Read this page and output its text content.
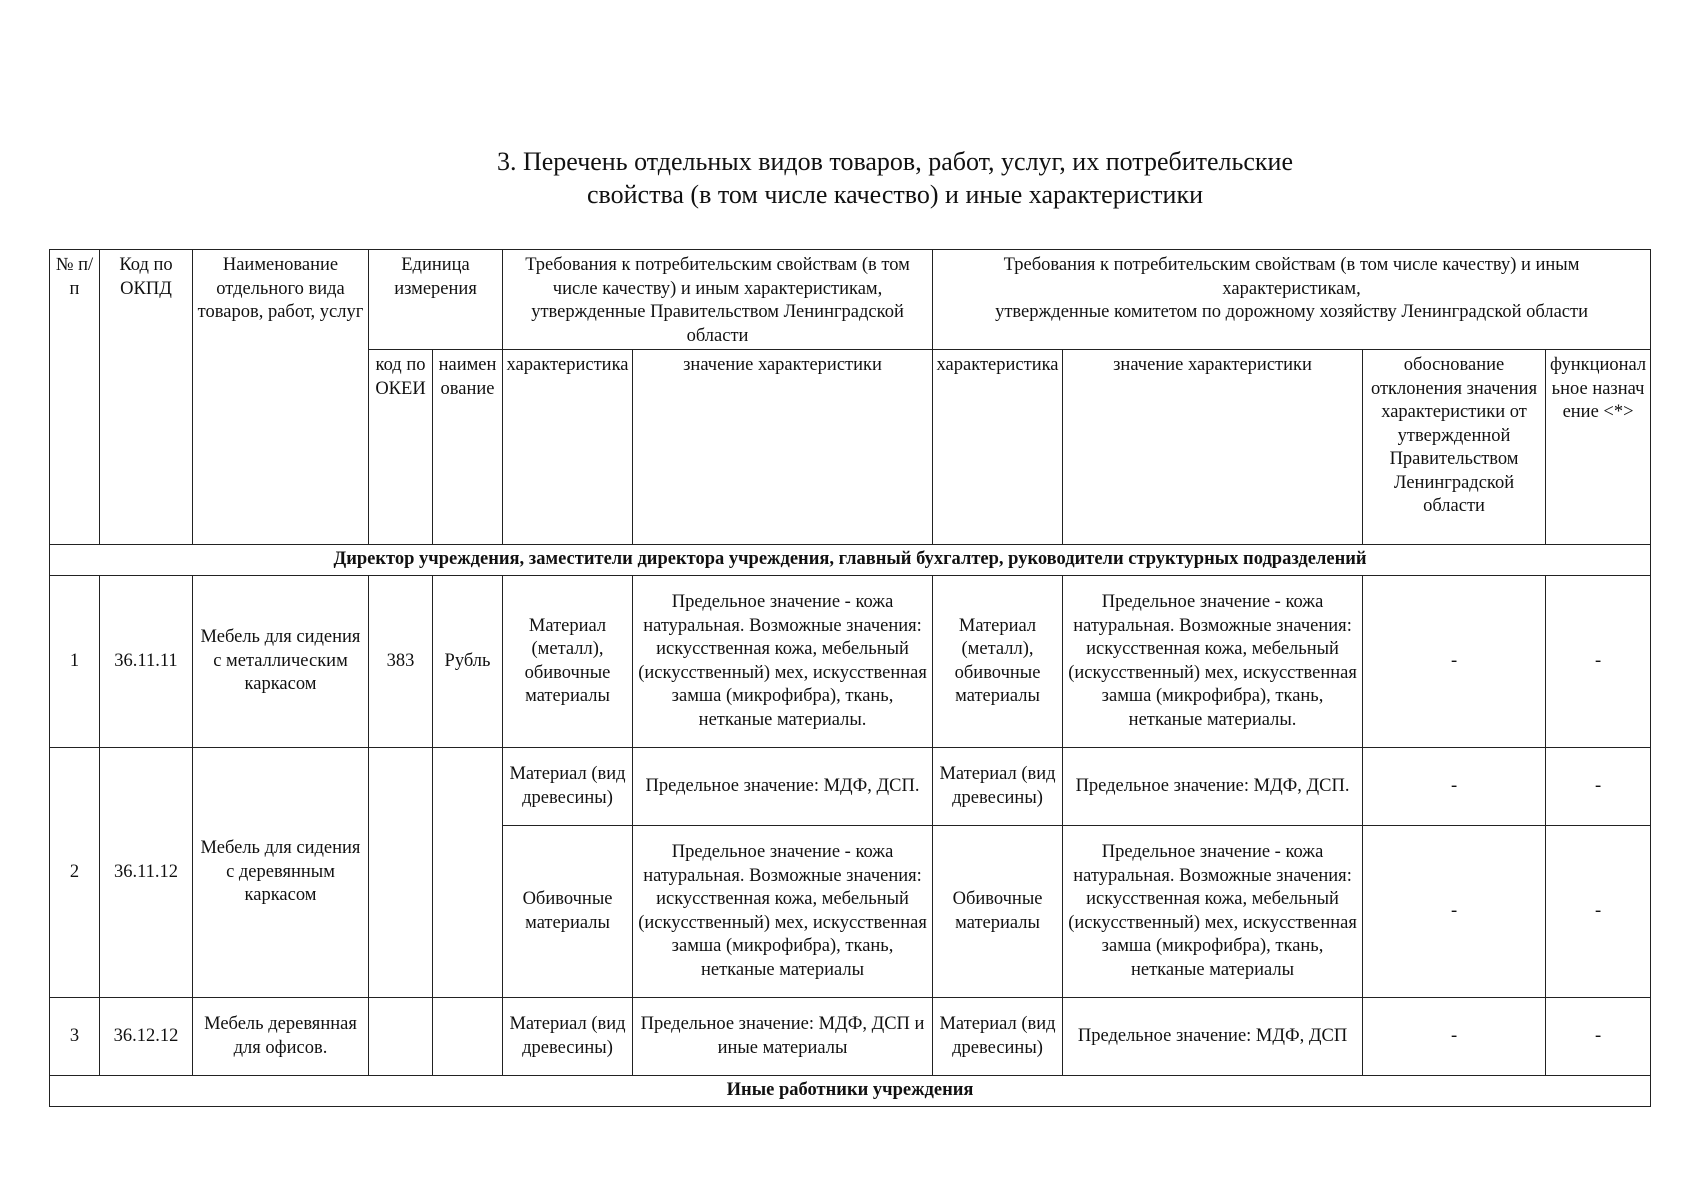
3. Перечень отдельных видов товаров, работ, услуг, их потребительские
свойства (в том числе качество) и иные характеристики
№ п/п	Код по ОКПД	Наименование отдельного вида товаров, работ, услуг	Единица измерения		Требования к потребительским свойствам (в том числе качеству) и иным характеристикам, утвержденные Правительством Ленинградской области		Требования к потребительским свойствам (в том числе качеству) и иным характеристикам,
утвержденные комитетом по дорожному хозяйству Ленинградской области			

			код по ОКЕИ	наименование	характеристика	значение характеристики	характеристика	значение характеристики	обоснование отклонения значения характеристики от утвержденной Правительством Ленинградской области	функциональное назначение <*>
Директор учреждения, заместители директора учреждения, главный бухгалтер, руководители структурных подразделений										
1	36.11.11	Мебель для сидения с металлическим каркасом	383	Рубль	Материал (металл), обивочные материалы	Предельное значение - кожа натуральная. Возможные значения: искусственная кожа, мебельный (искусственный) мех, искусственная замша (микрофибра), ткань, нетканые материалы.	Материал (металл), обивочные материалы	Предельное значение - кожа натуральная. Возможные значения: искусственная кожа, мебельный (искусственный) мех, искусственная замша (микрофибра), ткань, нетканые материалы.	-	-
2	36.11.12	Мебель для сидения с деревянным каркасом			Материал (вид древесины)	Предельное значение: МДФ, ДСП.	Материал (вид древесины)	Предельное значение: МДФ, ДСП.	-	-
					Обивочные материалы	Предельное значение - кожа натуральная. Возможные значения: искусственная кожа, мебельный (искусственный) мех, искусственная замша (микрофибра), ткань, нетканые материалы	Обивочные материалы	Предельное значение - кожа натуральная. Возможные значения: искусственная кожа, мебельный (искусственный) мех, искусственная замша (микрофибра), ткань, нетканые материалы	-	-
3	36.12.12	Мебель деревянная для офисов.			Материал (вид древесины)	Предельное значение: МДФ, ДСП и иные материалы	Материал (вид древесины)	Предельное значение: МДФ, ДСП	-	-
Иные работники учреждения										
